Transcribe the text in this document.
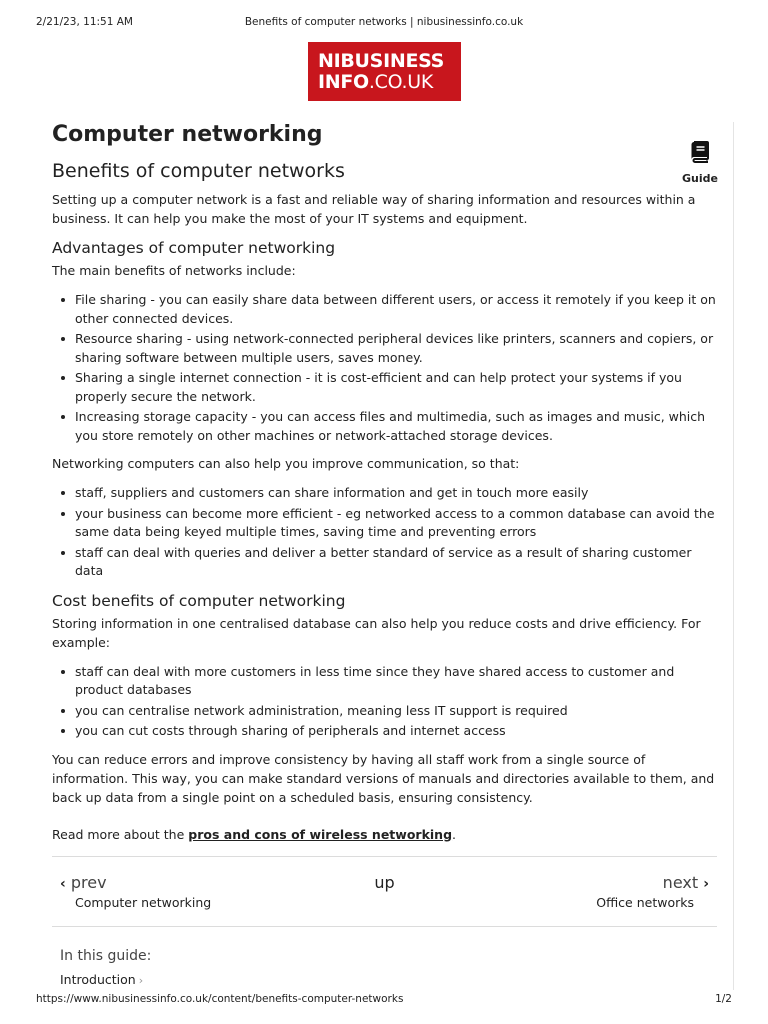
2/21/23, 11:51 AM	Benefits of computer networks | nibusinessinfo.co.uk
NIBUSINESS
INFO.CO.UK
Guide
Computer networking
Benefits of computer networks

Setting up a computer network is a fast and reliable way of sharing information and resources within a business. It can help you make the most of your IT systems and equipment.

Advantages of computer networking

The main benefits of networks include:

File sharing - you can easily share data between different users, or access it remotely if you keep it on other connected devices.
Resource sharing - using network-connected peripheral devices like printers, scanners and copiers, or sharing software between multiple users, saves money.
Sharing a single internet connection - it is cost-efficient and can help protect your systems if you properly secure the network.
Increasing storage capacity - you can access files and multimedia, such as images and music, which you store remotely on other machines or network-attached storage devices.

Networking computers can also help you improve communication, so that:

staff, suppliers and customers can share information and get in touch more easily
your business can become more efficient - eg networked access to a common database can avoid the same data being keyed multiple times, saving time and preventing errors
staff can deal with queries and deliver a better standard of service as a result of sharing customer data
Cost benefits of computer networking

Storing information in one centralised database can also help you reduce costs and drive efficiency. For example:

staff can deal with more customers in less time since they have shared access to customer and product databases
you can centralise network administration, meaning less IT support is required
you can cut costs through sharing of peripherals and internet access

You can reduce errors and improve consistency by having all staff work from a single source of information. This way, you can make standard versions of manuals and directories available to them, and back up data from a single point on a scheduled basis, ensuring consistency.

Read more about the pros and cons of wireless networking.

‹ prev
Computer networking
up	next ›
Office networks
In this guide:
Introduction ›
https://www.nibusinessinfo.co.uk/content/benefits-computer-networks	1/2
